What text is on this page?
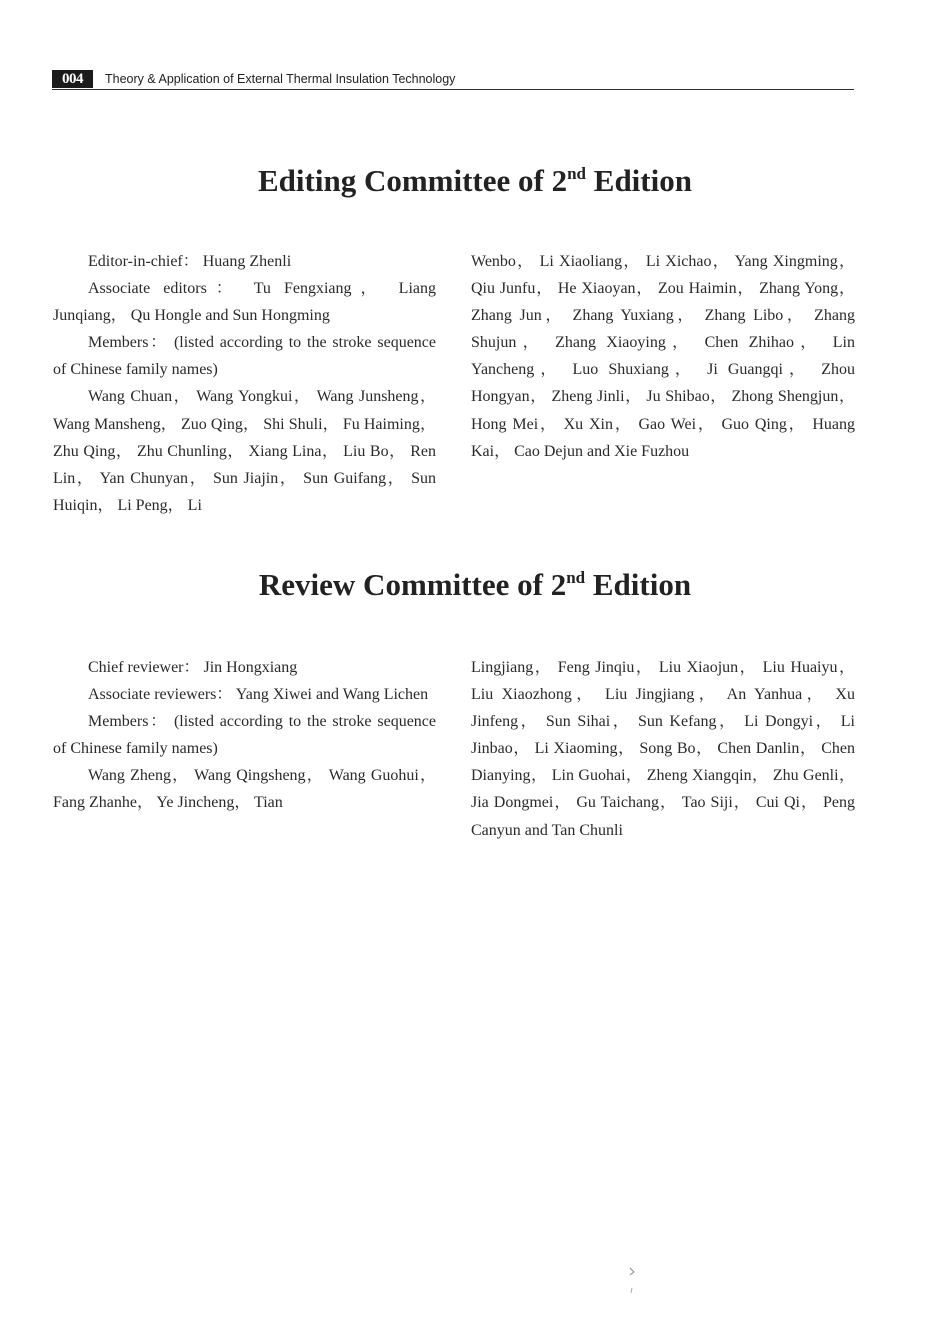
004	Theory & Application of External Thermal Insulation Technology
Editing Committee of 2nd Edition

Editor-in-chief： Huang Zhenli

Associate editors： Tu Fengxiang， Liang Junqiang， Qu Hongle and Sun Hongming

Members： (listed according to the stroke sequence of Chinese family names)

Wang Chuan， Wang Yongkui， Wang Junsheng， Wang Mansheng， Zuo Qing， Shi Shuli， Fu Haiming， Zhu Qing， Zhu Chunling， Xiang Lina， Liu Bo， Ren Lin， Yan Chunyan， Sun Jiajin， Sun Guifang， Sun Huiqin， Li Peng， Li

Wenbo， Li Xiaoliang， Li Xichao， Yang Xingming， Qiu Junfu， He Xiaoyan， Zou Haimin， Zhang Yong， Zhang Jun， Zhang Yuxiang， Zhang Libo， Zhang Shujun， Zhang Xiaoying， Chen Zhihao， Lin Yancheng， Luo Shuxiang， Ji Guangqi， Zhou Hongyan， Zheng Jinli， Ju Shibao， Zhong Shengjun， Hong Mei， Xu Xin， Gao Wei， Guo Qing， Huang Kai， Cao Dejun and Xie Fuzhou

Review Committee of 2nd Edition

Chief reviewer： Jin Hongxiang

Associate reviewers： Yang Xiwei and Wang Lichen

Members： (listed according to the stroke sequence of Chinese family names)

Wang Zheng， Wang Qingsheng， Wang Guohui， Fang Zhanhe， Ye Jincheng， Tian

Lingjiang， Feng Jinqiu， Liu Xiaojun， Liu Huaiyu， Liu Xiaozhong， Liu Jingjiang， An Yanhua， Xu Jinfeng， Sun Sihai， Sun Kefang， Li Dongyi， Li Jinbao， Li Xiaoming， Song Bo， Chen Danlin， Chen Dianying， Lin Guohai， Zheng Xiangqin， Zhu Genli， Jia Dongmei， Gu Taichang， Tao Siji， Cui Qi， Peng Canyun and Tan Chunli
